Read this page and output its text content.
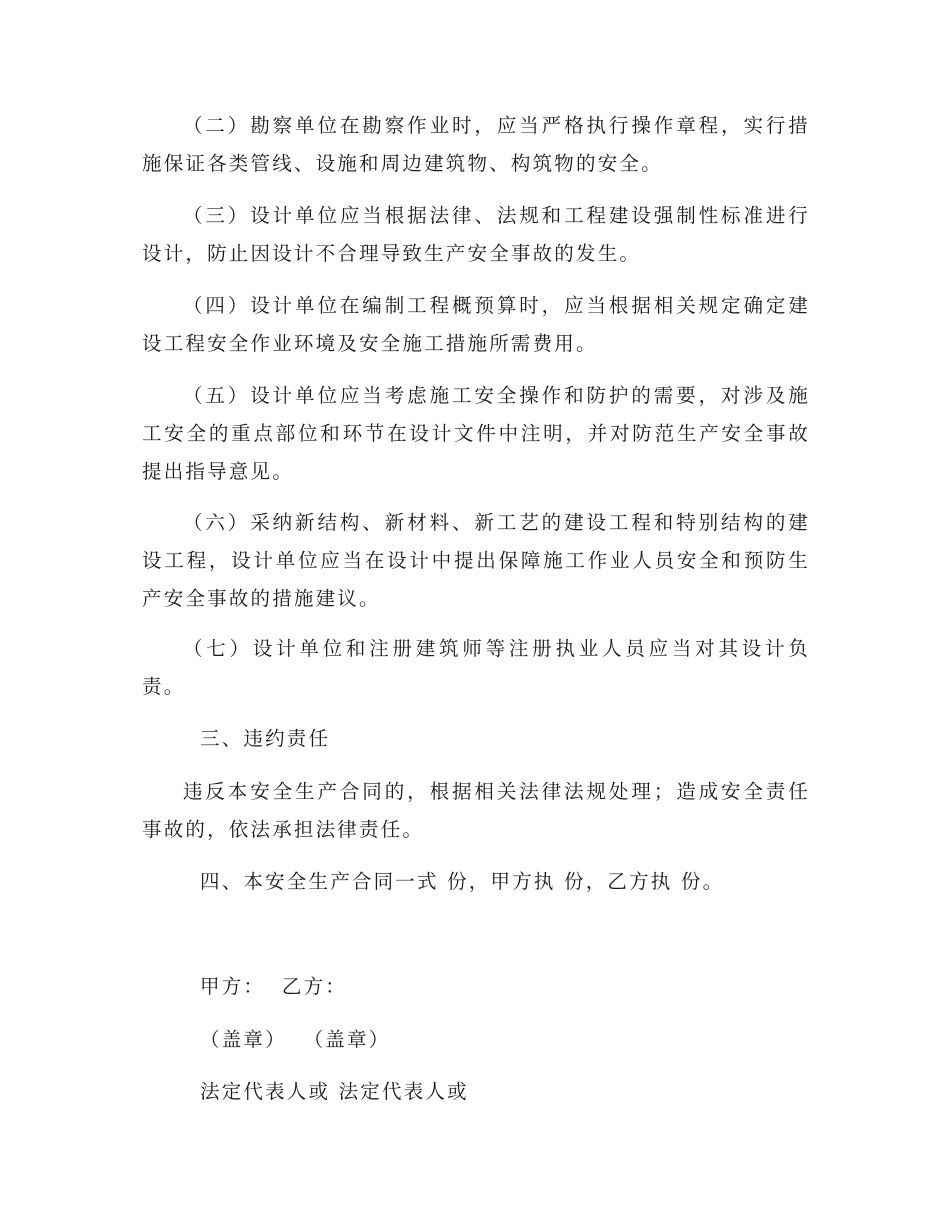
（二）勘察单位在勘察作业时，应当严格执行操作章程，实行措施保证各类管线、设施和周边建筑物、构筑物的安全。

（三）设计单位应当根据法律、法规和工程建设强制性标准进行设计，防止因设计不合理导致生产安全事故的发生。

（四）设计单位在编制工程概预算时，应当根据相关规定确定建设工程安全作业环境及安全施工措施所需费用。

（五）设计单位应当考虑施工安全操作和防护的需要，对涉及施工安全的重点部位和环节在设计文件中注明，并对防范生产安全事故提出指导意见。

（六）采纳新结构、新材料、新工艺的建设工程和特别结构的建设工程，设计单位应当在设计中提出保障施工作业人员安全和预防生产安全事故的措施建议。

（七）设计单位和注册建筑师等注册执业人员应当对其设计负责。

三、违约责任

违反本安全生产合同的，根据相关法律法规处理；造成安全责任事故的，依法承担法律责任。

四、本安全生产合同一式 份，甲方执 份，乙方执 份。

甲方：  乙方：

（盖章）  （盖章）

法定代表人或 法定代表人或
